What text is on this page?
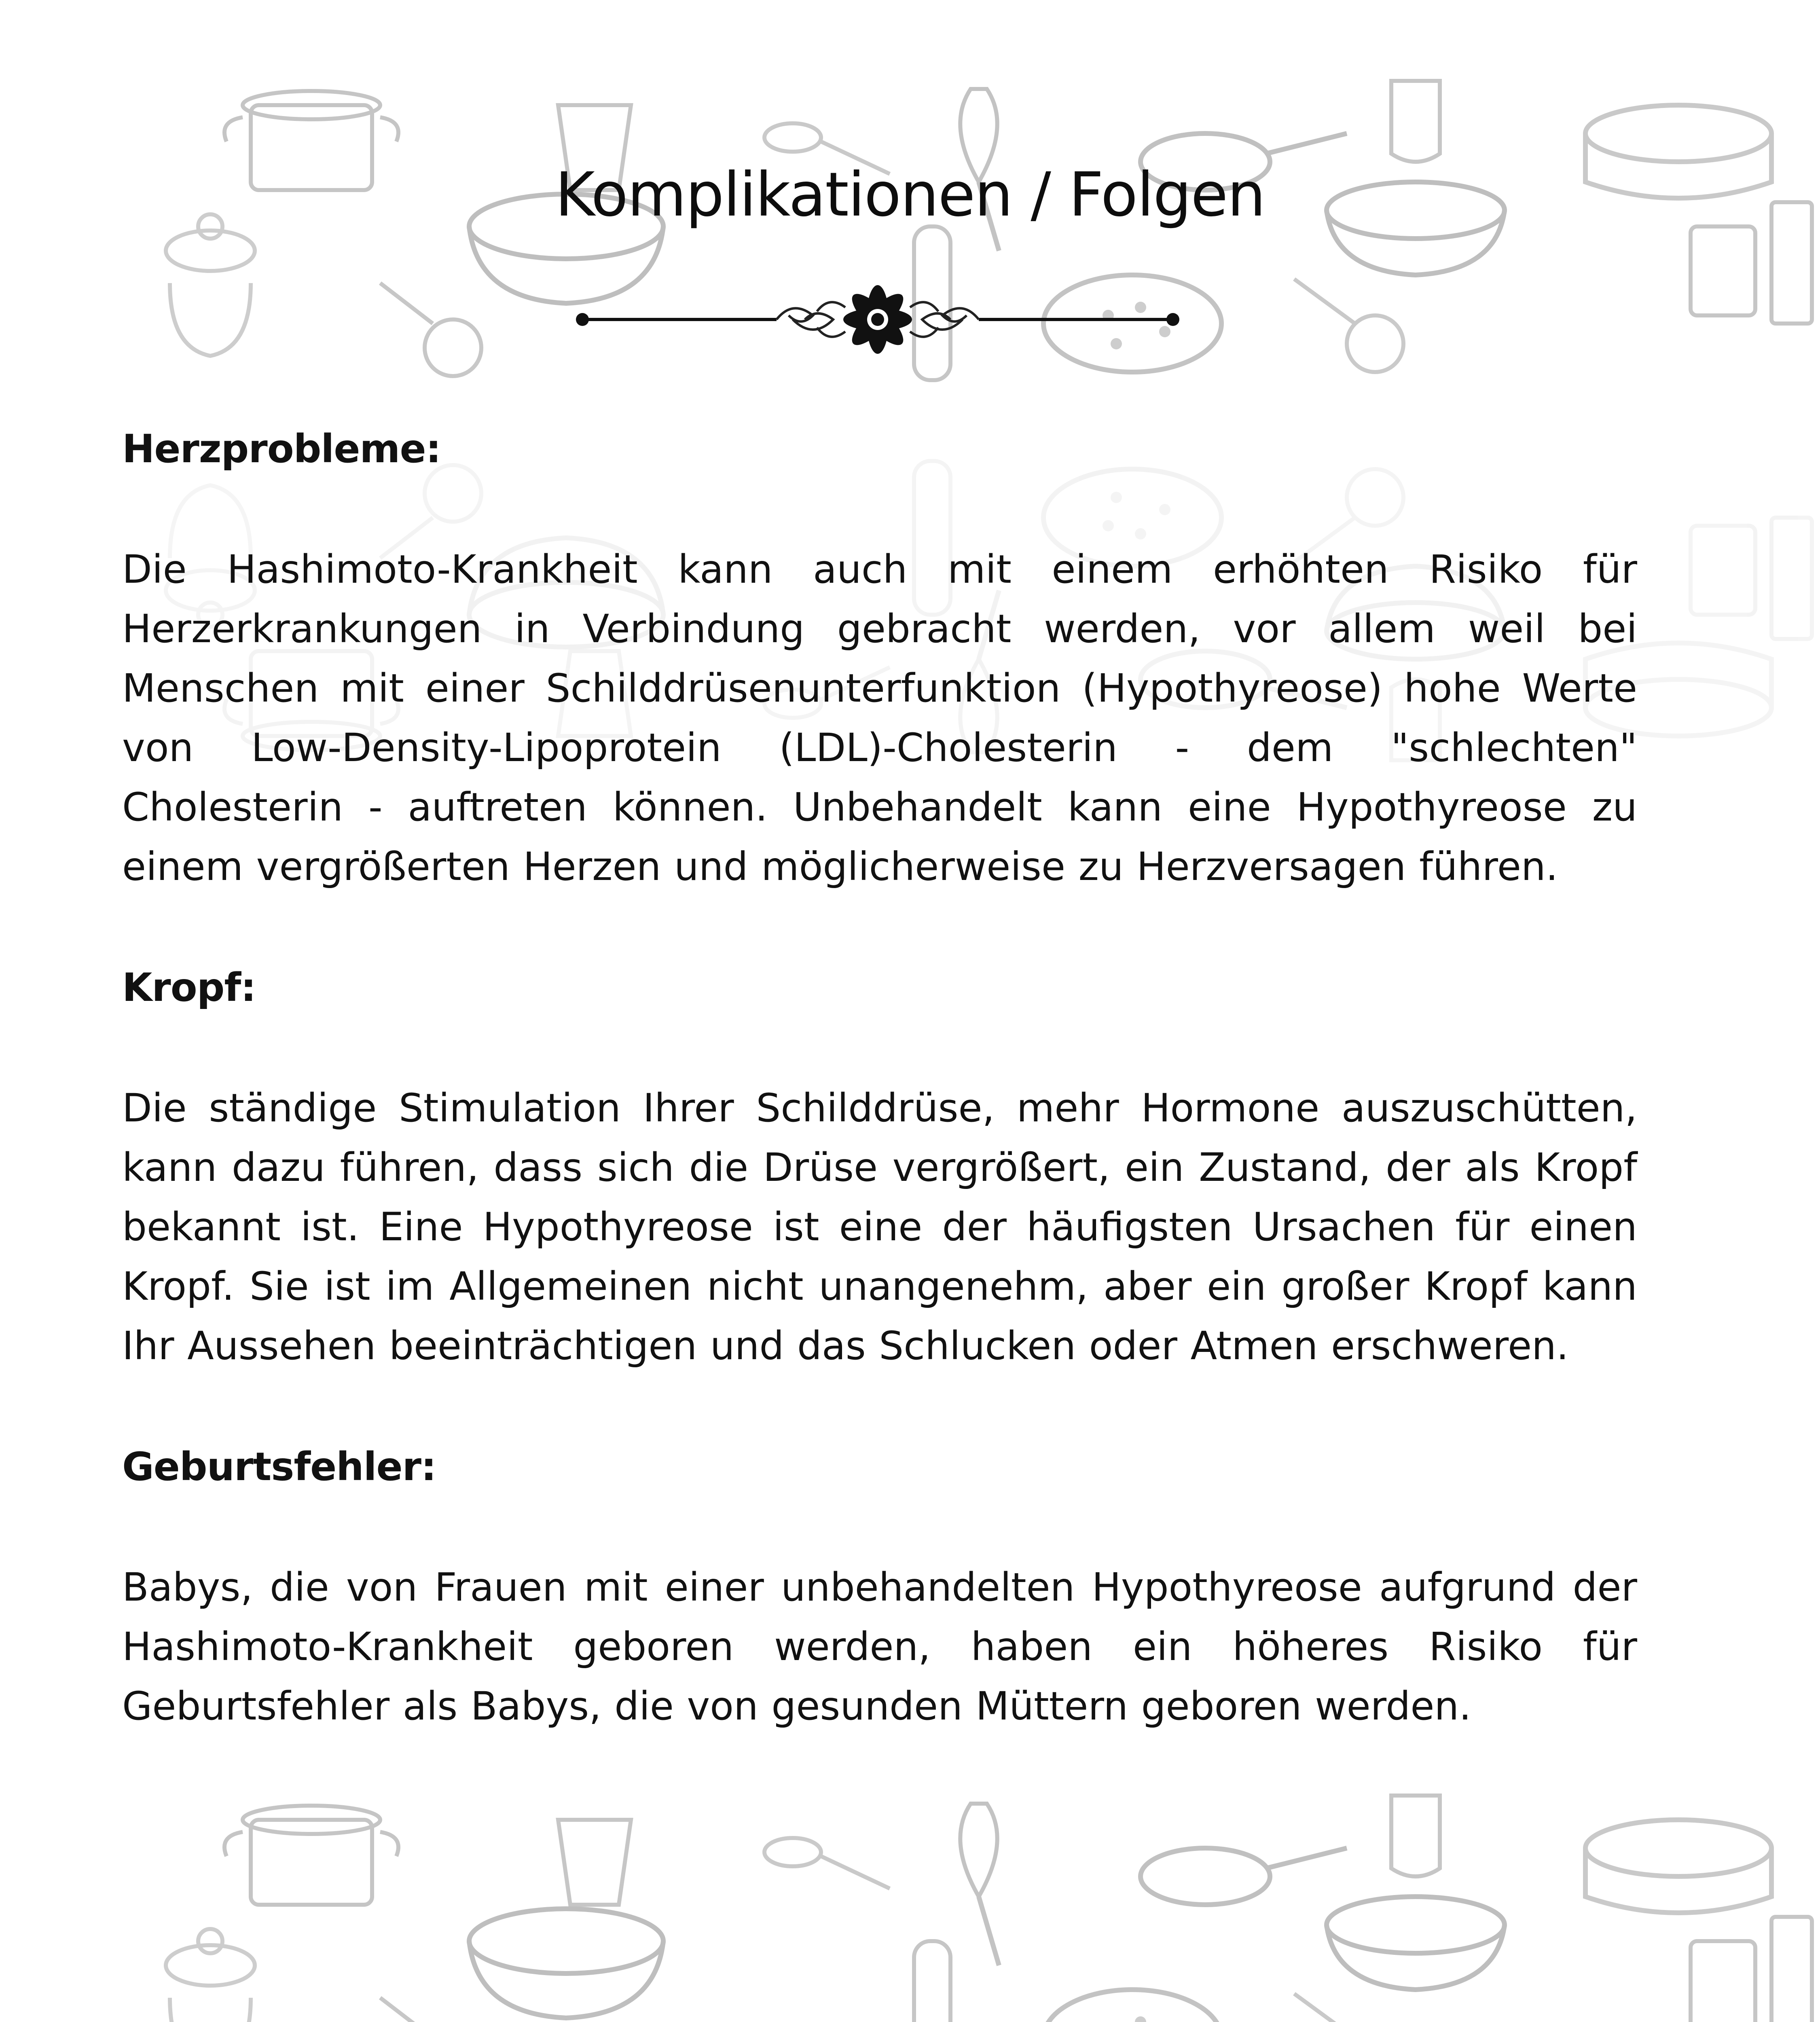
Komplikationen / Folgen

Herzprobleme:

Die Hashimoto-Krankheit kann auch mit einem erhöhten Risiko für Herzerkrankungen in Verbindung gebracht werden, vor allem weil bei Menschen mit einer Schilddrüsenunterfunktion (Hypothyreose) hohe Werte von Low-Density-Lipoprotein (LDL)-Cholesterin - dem "schlechten" Cholesterin - auftreten können. Unbehandelt kann eine Hypothyreose zu einem vergrößerten Herzen und möglicherweise zu Herzversagen führen.

Kropf:

Die ständige Stimulation Ihrer Schilddrüse, mehr Hormone auszuschütten, kann dazu führen, dass sich die Drüse vergrößert, ein Zustand, der als Kropf bekannt ist. Eine Hypothyreose ist eine der häufigsten Ursachen für einen Kropf. Sie ist im Allgemeinen nicht unangenehm, aber ein großer Kropf kann Ihr Aussehen beeinträchtigen und das Schlucken oder Atmen erschweren.

Geburtsfehler:

Babys, die von Frauen mit einer unbehandelten Hypothyreose aufgrund der Hashimoto-Krankheit geboren werden, haben ein höheres Risiko für Geburtsfehler als Babys, die von gesunden Müttern geboren werden.
